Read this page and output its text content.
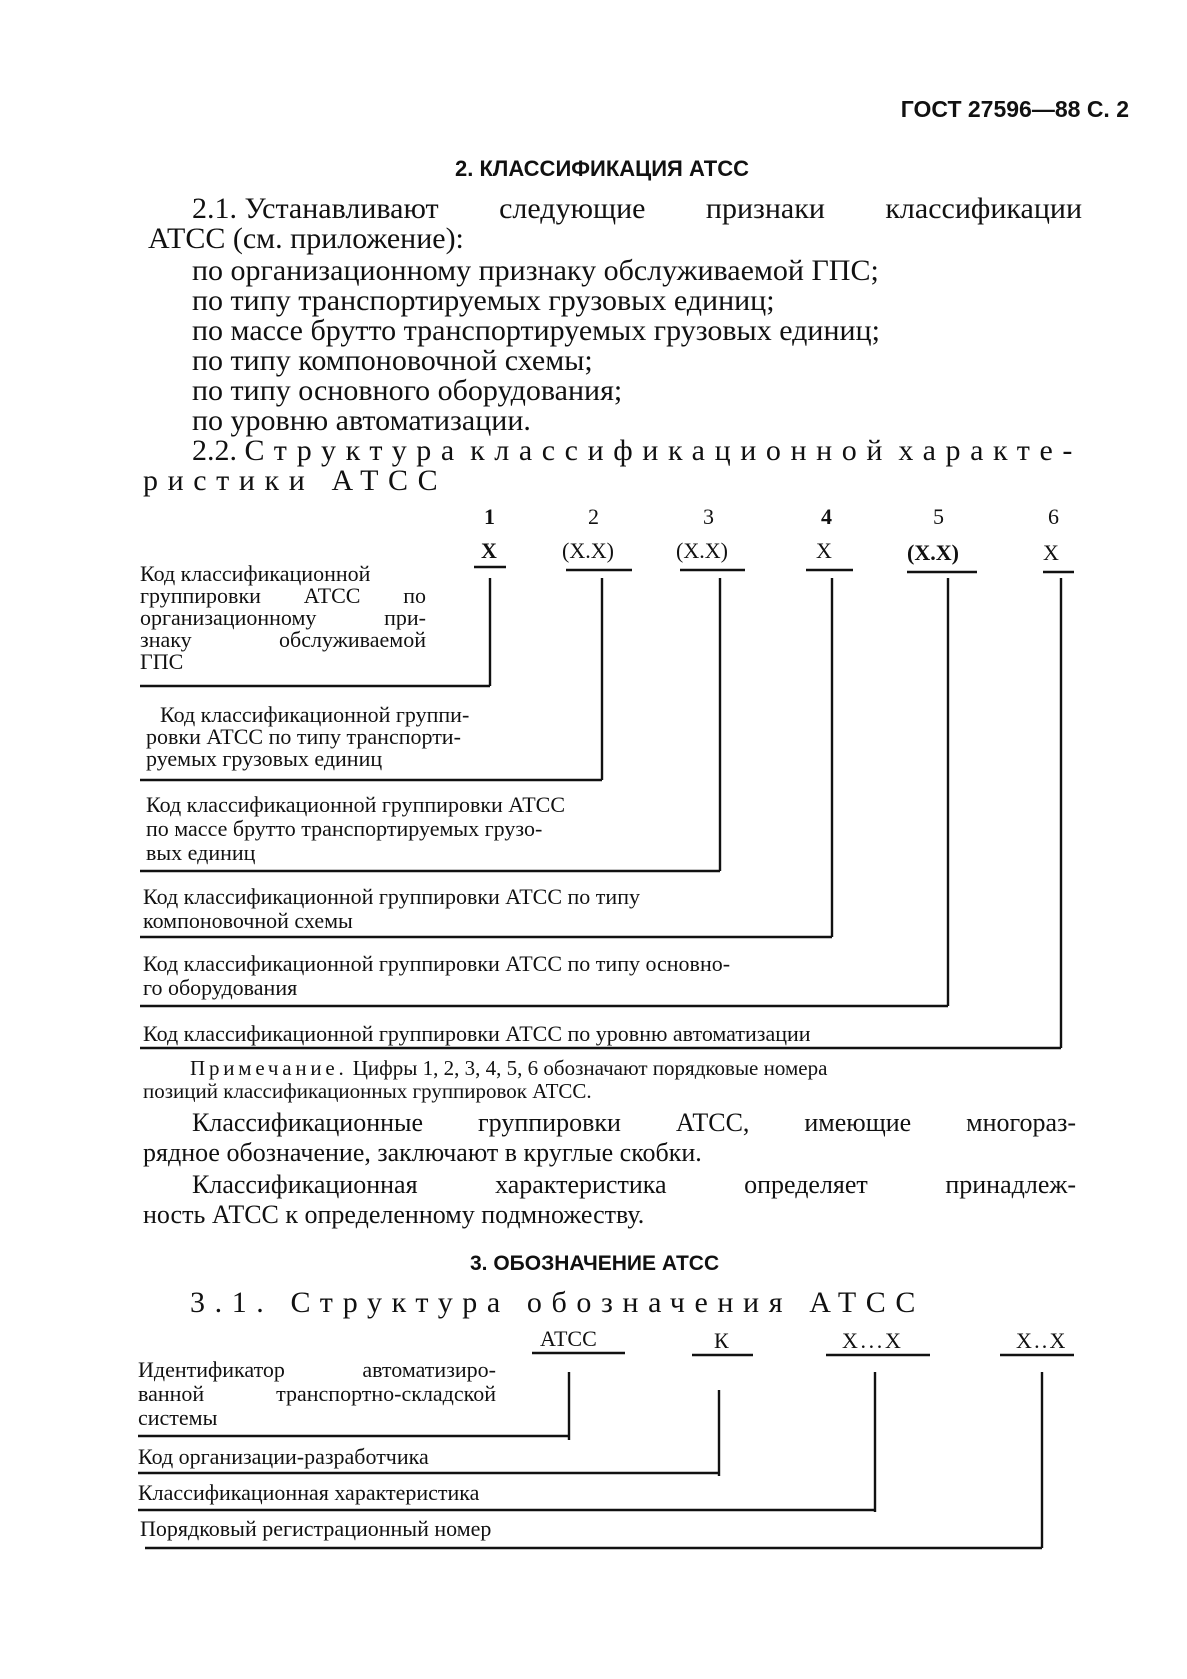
ГОСТ 27596—88 С. 2
2. КЛАССИФИКАЦИЯ АТСС
2.1. Устанавливают следующие признаки классификации
АТСС (см. приложение):
по организационному признаку обслуживаемой ГПС;
по типу транспортируемых грузовых единиц;
по массе брутто транспортируемых грузовых единиц;
по типу компоновочной схемы;
по типу основного оборудования;
по уровню автоматизации.
2.2. Структура классификационной характе-
ристики АТСС
1	2	3	4	5	6
X	(X.X)	(X.X)	X	(X.X)	X
Код классификационной
группировки АТСС по
организационному при-
знаку обслуживаемой
ГПС
Код классификационной группи-
ровки АТСС по типу транспорти-
руемых грузовых единиц
Код классификационной группировки АТСС
по массе брутто транспортируемых грузо-
вых единиц
Код классификационной группировки АТСС по типу
компоновочной схемы
Код классификационной группировки АТСС по типу основно-
го оборудования
Код классификационной группировки АТСС по уровню автоматизации
Примечание. Цифры 1, 2, 3, 4, 5, 6 обозначают порядковые номера
позиций классификационных группировок АТСС.
Классификационные группировки АТСС, имеющие многораз-
рядное обозначение, заключают в круглые скобки.
Классификационная	характеристика	определяет	принадлеж-
ность АТСС к определенному подмножеству.
3. ОБОЗНАЧЕНИЕ АТСС
3.1. Структура обозначения АТСС
АТСС	К	X...X	X..X
Идентификатор автоматизиро-
ванной транспортно-складской
системы
Код организации-разработчика
Классификационная характеристика
Порядковый регистрационный номер
